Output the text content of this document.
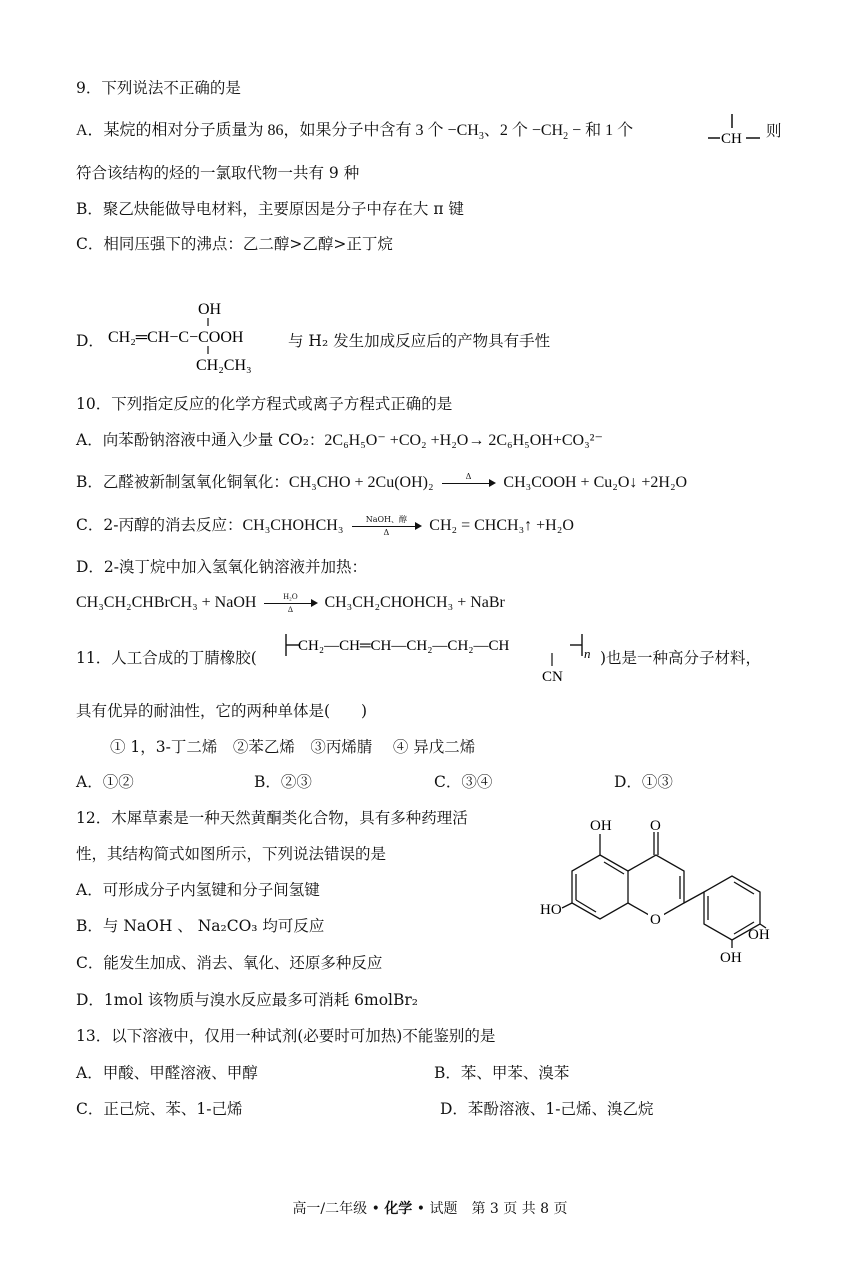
9．下列说法不正确的是
A．某烷的相对分子质量为 86，如果分子中含有 3 个 $-CH_3$、2 个 $-CH_2$ − 和 1 个	CH 则
符合该结构的烃的一氯取代物一共有 9 种
B．聚乙炔能做导电材料，主要原因是分子中存在大 π 键
C．相同压强下的沸点：乙二醇>乙醇>正丁烷
D．
OH
CH₂═CH−C−COOH
CH₂CH₃
与 H₂ 发生加成反应后的产物具有手性
10．下列指定反应的化学方程式或离子方程式正确的是
A．向苯酚钠溶液中通入少量 CO₂：2C₆H₅O⁻ +CO₂ +H₂O→ 2C₆H₅OH+CO₃²⁻
B．乙醛被新制氢氧化铜氧化：CH₃CHO + 2Cu(OH)₂	Δ	CH₃COOH + Cu₂O↓ +2H₂O
C．2-丙醇的消去反应：CH₃CHOHCH₃	NaOH、醇
Δ	CH₂ = CHCH₃↑ +H₂O
D．2-溴丁烷中加入氢氧化钠溶液并加热：
CH₃CH₂CHBrCH₃ + NaOH	H₂O
Δ	CH₃CH₂CHOHCH₃ + NaBr
11．人工合成的丁腈橡胶(
CH₂—CH═CH—CH₂—CH₂—CH	n
CN
)也是一种高分子材料，
具有优异的耐油性，它的两种单体是(　　)
① 1，3-丁二烯　②苯乙烯　③丙烯腈　 ④ 异戊二烯
A．①②	B．②③	C．③④	D．①③
12．木犀草素是一种天然黄酮类化合物，具有多种药理活
性，其结构简式如图所示，下列说法错误的是
A．可形成分子内氢键和分子间氢键
B．与 NaOH 、 Na₂CO₃ 均可反应
C．能发生加成、消去、氧化、还原多种反应
D．1mol 该物质与溴水反应最多可消耗 6molBr₂
OH	O
HO
O
OH
OH
13．以下溶液中，仅用一种试剂(必要时可加热)不能鉴别的是
A．甲酸、甲醛溶液、甲醇	B．苯、甲苯、溴苯
C．正己烷、苯、1-己烯	D．苯酚溶液、1-己烯、溴乙烷
高一/二年级 • 化学 • 试题　第 3 页 共 8 页
